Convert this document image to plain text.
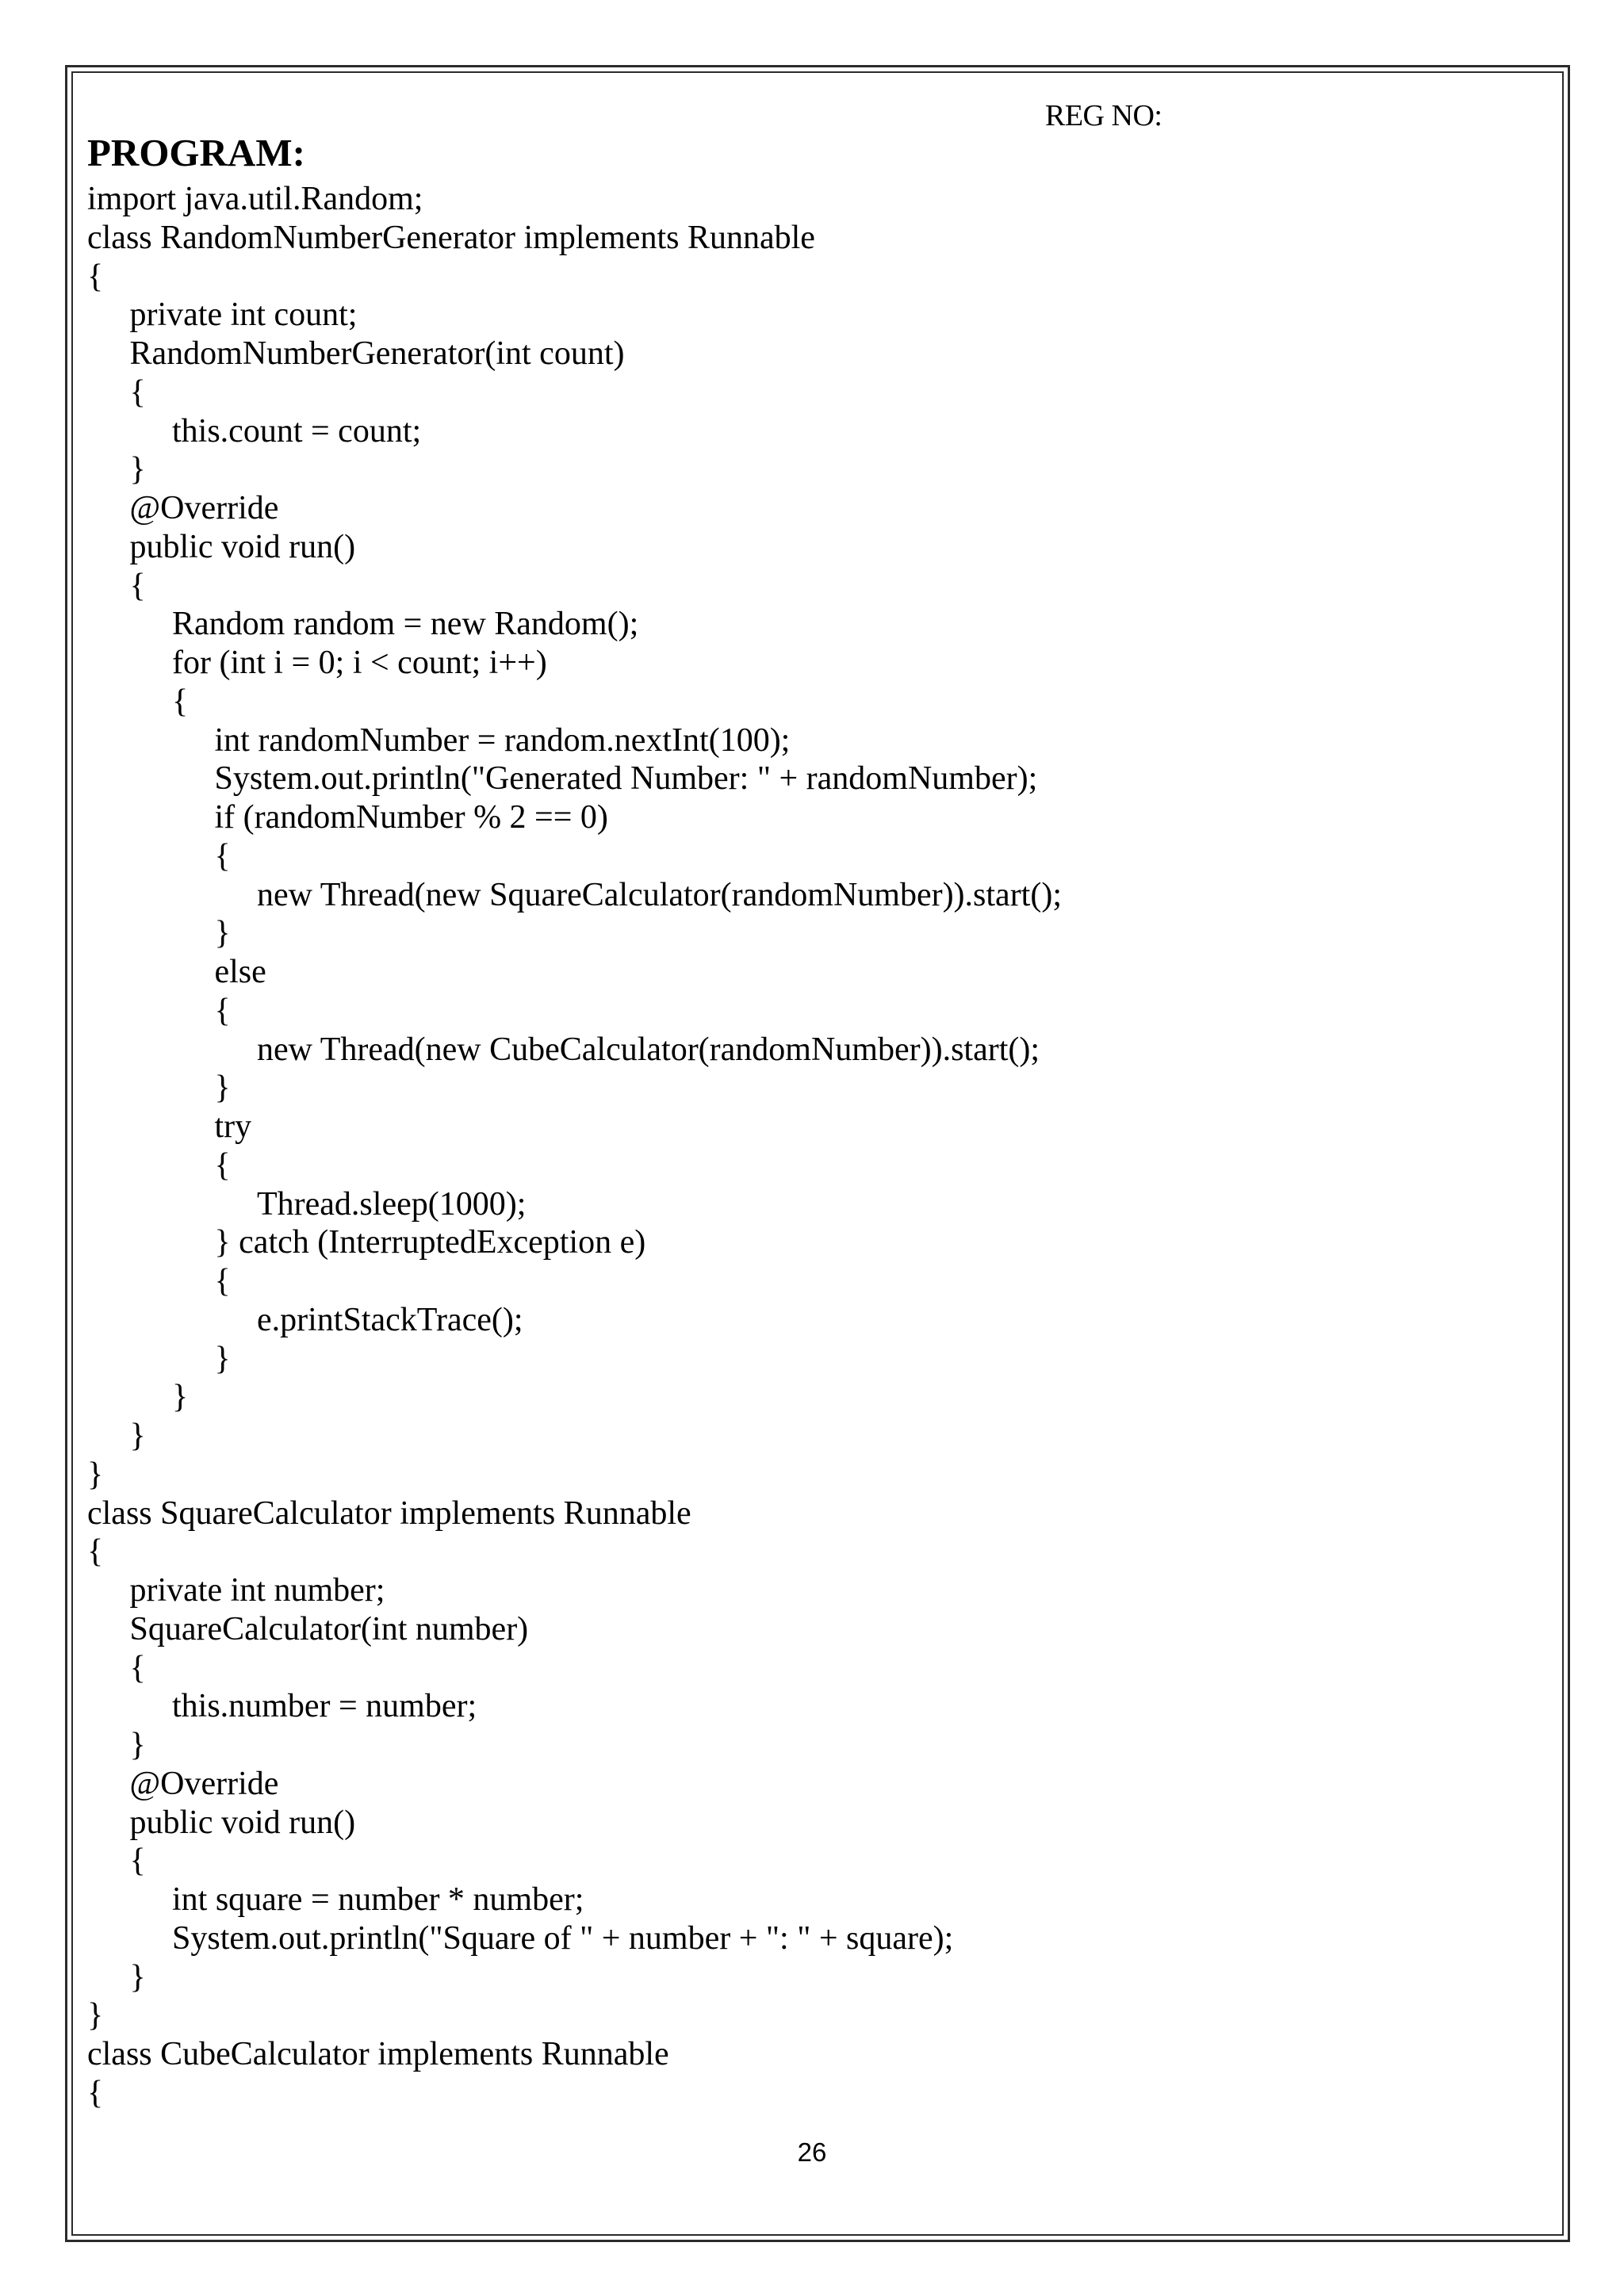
REG NO:
PROGRAM:
import java.util.Random;
class RandomNumberGenerator implements Runnable
{
private int count;
RandomNumberGenerator(int count)
{
this.count = count;
}
@Override
public void run()
{
Random random = new Random();
for (int i = 0; i < count; i++)
{
int randomNumber = random.nextInt(100);
System.out.println("Generated Number: " + randomNumber);
if (randomNumber % 2 == 0)
{
new Thread(new SquareCalculator(randomNumber)).start();
}
else
{
new Thread(new CubeCalculator(randomNumber)).start();
}
try
{
Thread.sleep(1000);
} catch (InterruptedException e)
{
e.printStackTrace();
}
}
}
}
class SquareCalculator implements Runnable
{
private int number;
SquareCalculator(int number)
{
this.number = number;
}
@Override
public void run()
{
int square = number * number;
System.out.println("Square of " + number + ": " + square);
}
}
class CubeCalculator implements Runnable
{
26
